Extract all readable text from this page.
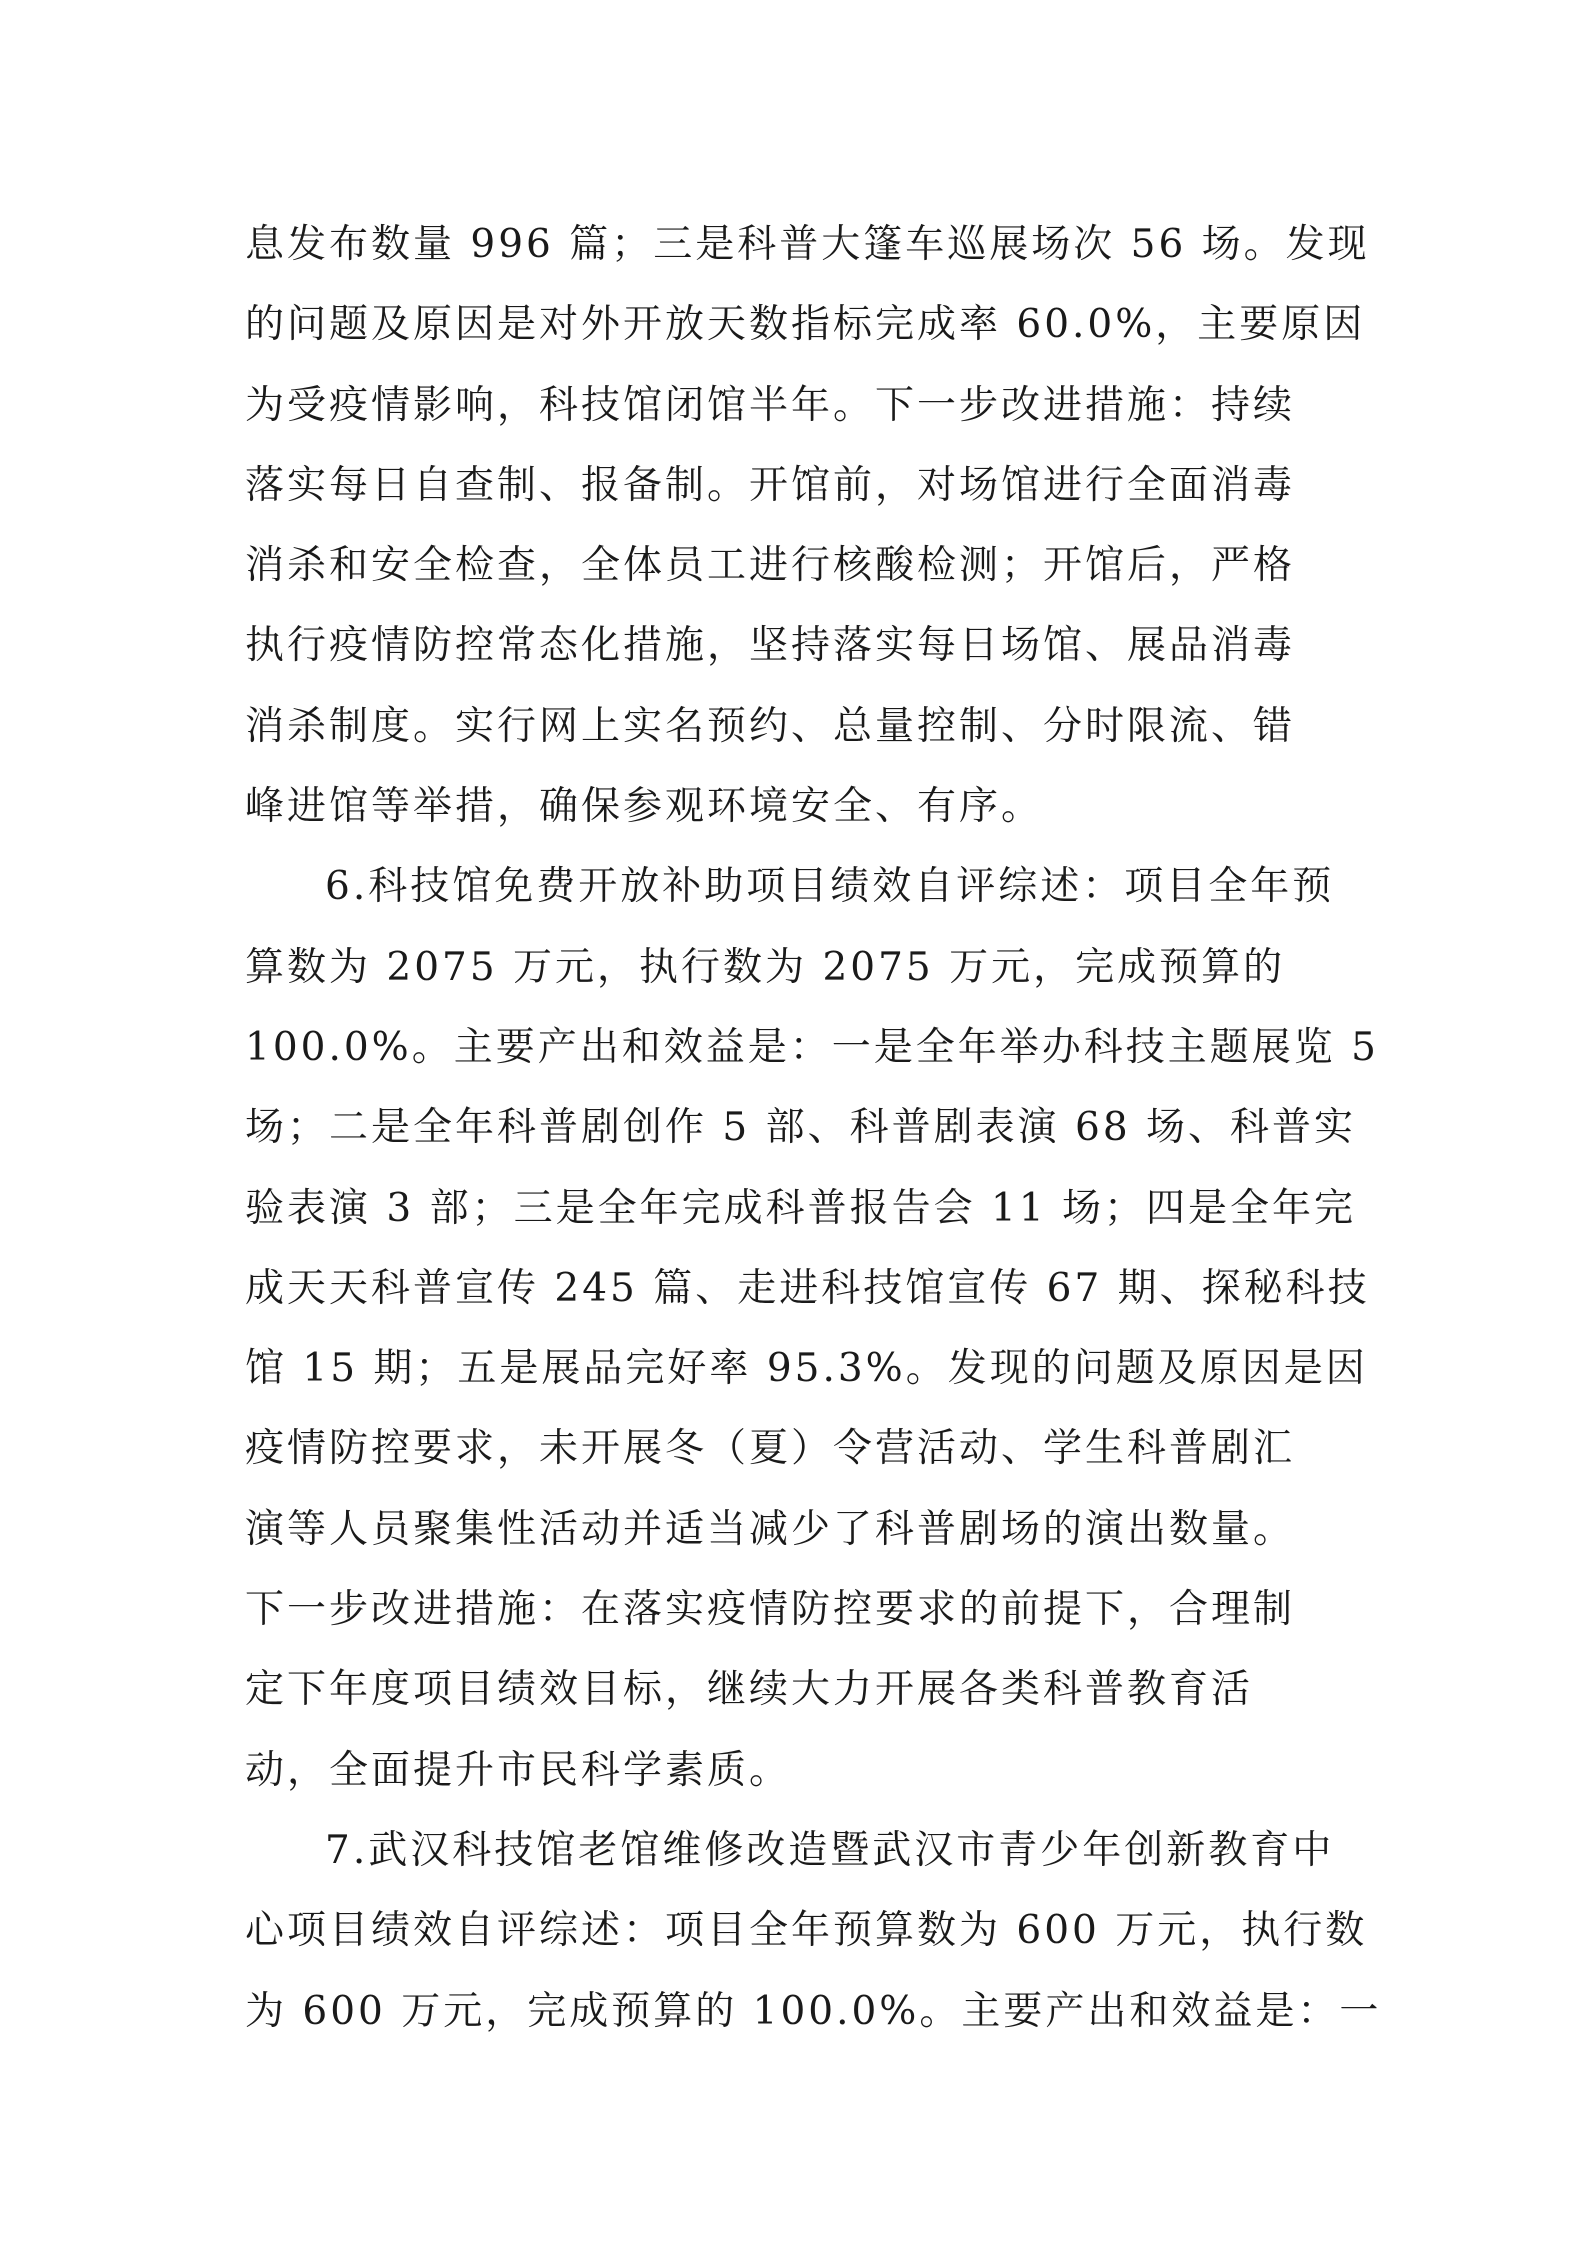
息发布数量 996 篇；三是科普大篷车巡展场次 56 场。发现
的问题及原因是对外开放天数指标完成率 60.0%，主要原因
为受疫情影响，科技馆闭馆半年。下一步改进措施：持续
落实每日自查制、报备制。开馆前，对场馆进行全面消毒
消杀和安全检查，全体员工进行核酸检测；开馆后，严格
执行疫情防控常态化措施，坚持落实每日场馆、展品消毒
消杀制度。实行网上实名预约、总量控制、分时限流、错
峰进馆等举措，确保参观环境安全、有序。
6.科技馆免费开放补助项目绩效自评综述：项目全年预
算数为 2075 万元，执行数为 2075 万元，完成预算的
100.0%。主要产出和效益是：一是全年举办科技主题展览 5
场；二是全年科普剧创作 5 部、科普剧表演 68 场、科普实
验表演 3 部；三是全年完成科普报告会 11 场；四是全年完
成天天科普宣传 245 篇、走进科技馆宣传 67 期、探秘科技
馆 15 期；五是展品完好率 95.3%。发现的问题及原因是因
疫情防控要求，未开展冬（夏）令营活动、学生科普剧汇
演等人员聚集性活动并适当减少了科普剧场的演出数量。
下一步改进措施：在落实疫情防控要求的前提下，合理制
定下年度项目绩效目标，继续大力开展各类科普教育活
动，全面提升市民科学素质。
7.武汉科技馆老馆维修改造暨武汉市青少年创新教育中
心项目绩效自评综述：项目全年预算数为 600 万元，执行数
为 600 万元，完成预算的 100.0%。主要产出和效益是：一
